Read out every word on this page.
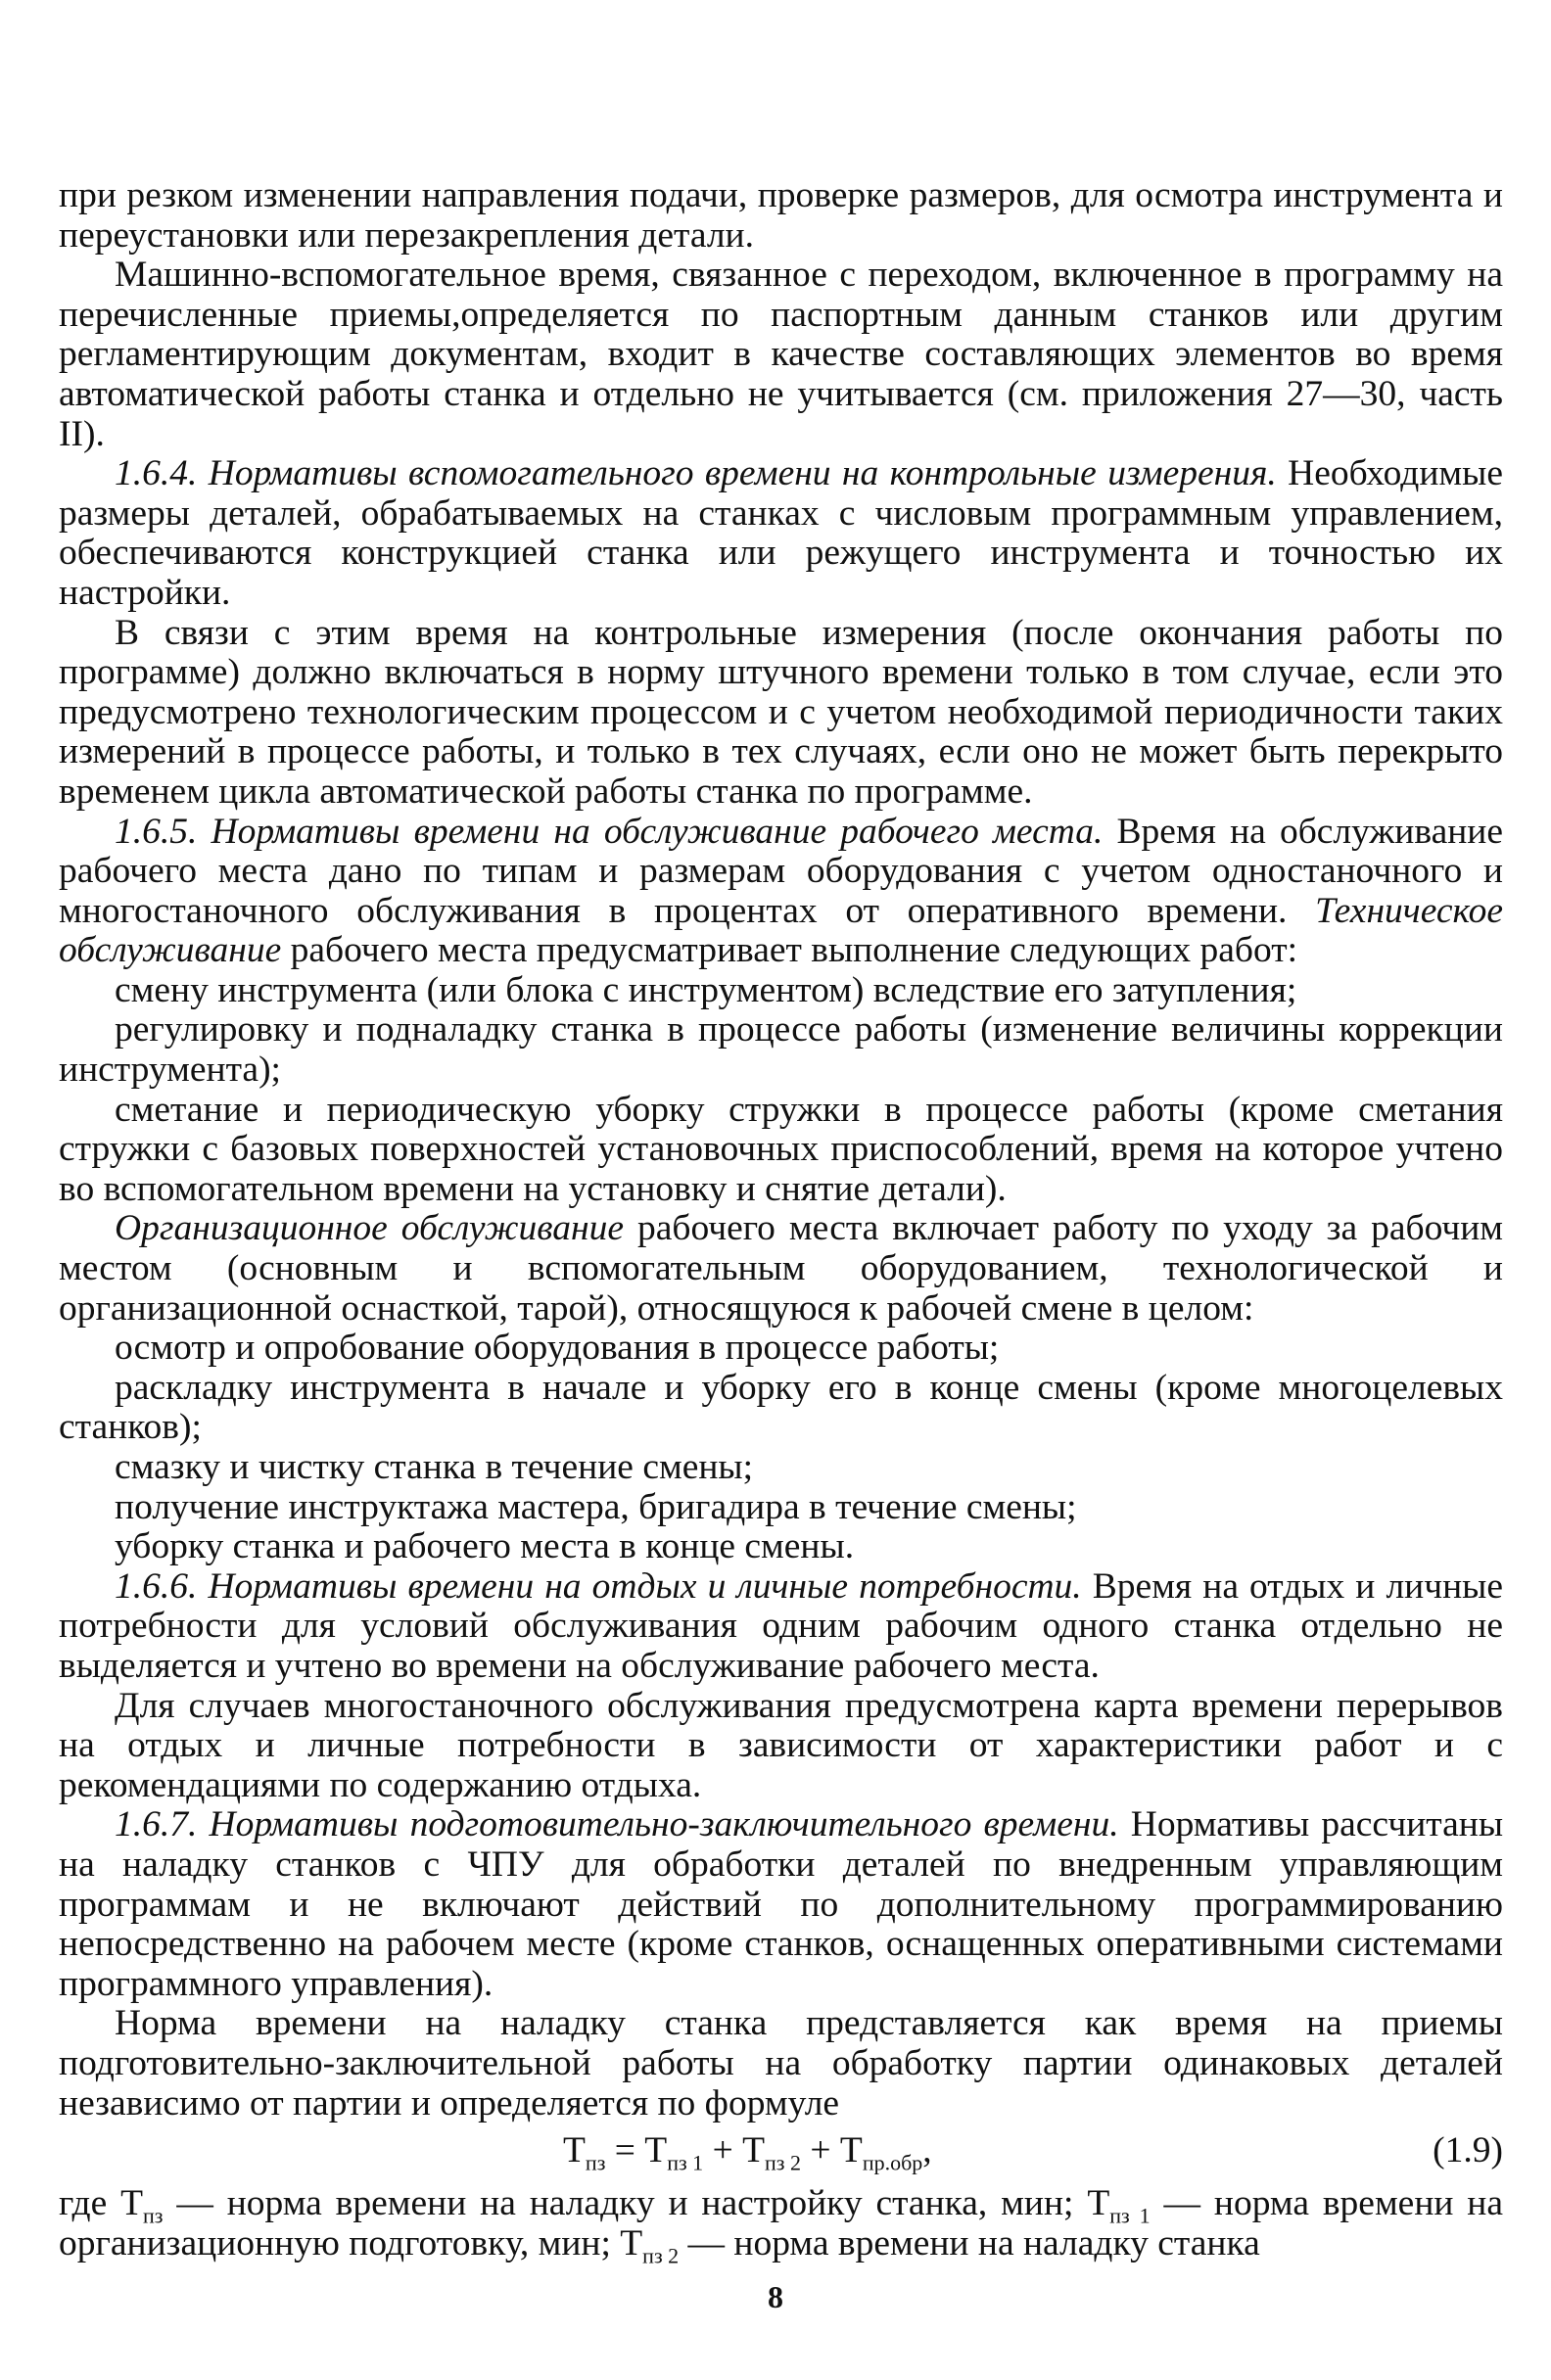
при резком изменении направления подачи, проверке размеров, для осмотра инструмента и переустановки или перезакрепления детали.

Машинно-вспомогательное время, связанное с переходом, включенное в программу на перечисленные приемы,определяется по паспортным данным станков или другим регламентирующим документам, входит в качестве составляющих элементов во время автоматической работы станка и отдельно не учитывается (см. приложения 27—30, часть II).

1.6.4. Нормативы вспомогательного времени на контрольные измерения. Необходимые размеры деталей, обрабатываемых на станках с числовым программным управлением, обеспечиваются конструкцией станка или режущего инструмента и точностью их настройки.

В связи с этим время на контрольные измерения (после окончания работы по программе) должно включаться в норму штучного времени только в том случае, если это предусмотрено технологическим процессом и с учетом необходимой периодичности таких измерений в процессе работы, и только в тех случаях, если оно не может быть перекрыто временем цикла автоматической работы станка по программе.

1.6.5. Нормативы времени на обслуживание рабочего места. Время на обслуживание рабочего места дано по типам и размерам оборудования с учетом одностаночного и многостаночного обслуживания в процентах от оперативного времени. Техническое обслуживание рабочего места предусматривает выполнение следующих работ:

смену инструмента (или блока с инструментом) вследствие его затупления;

регулировку и подналадку станка в процессе работы (изменение величины коррекции инструмента);

сметание и периодическую уборку стружки в процессе работы (кроме сметания стружки с базовых поверхностей установочных приспособлений, время на которое учтено во вспомогательном времени на установку и снятие детали).

Организационное обслуживание рабочего места включает работу по уходу за рабочим местом (основным и вспомогательным оборудованием, технологической и организационной оснасткой, тарой), относящуюся к рабочей смене в целом:

осмотр и опробование оборудования в процессе работы;

раскладку инструмента в начале и уборку его в конце смены (кроме многоцелевых станков);

смазку и чистку станка в течение смены;

получение инструктажа мастера, бригадира в течение смены;

уборку станка и рабочего места в конце смены.

1.6.6. Нормативы времени на отдых и личные потребности. Время на отдых и личные потребности для условий обслуживания одним рабочим одного станка отдельно не выделяется и учтено во времени на обслуживание рабочего места.

Для случаев многостаночного обслуживания предусмотрена карта времени перерывов на отдых и личные потребности в зависимости от характеристики работ и с рекомендациями по содержанию отдыха.

1.6.7. Нормативы подготовительно-заключительного времени. Нормативы рассчитаны на наладку станков с ЧПУ для обработки деталей по внедренным управляющим программам и не включают действий по дополнительному программированию непосредственно на рабочем месте (кроме станков, оснащенных оперативными системами программного управления).

Норма времени на наладку станка представляется как время на приемы подготовительно-заключительной работы на обработку партии одинаковых деталей независимо от партии и определяется по формуле

$T_{пз} = T_{пз 1} + T_{пз 2} + T_{пр.обр}$,	(1.9)

где $T_{пз}$ — норма времени на наладку и настройку станка, мин; $T_{пз 1}$ — норма времени на организационную подготовку, мин; $T_{пз 2}$ — норма времени на наладку станка

8
